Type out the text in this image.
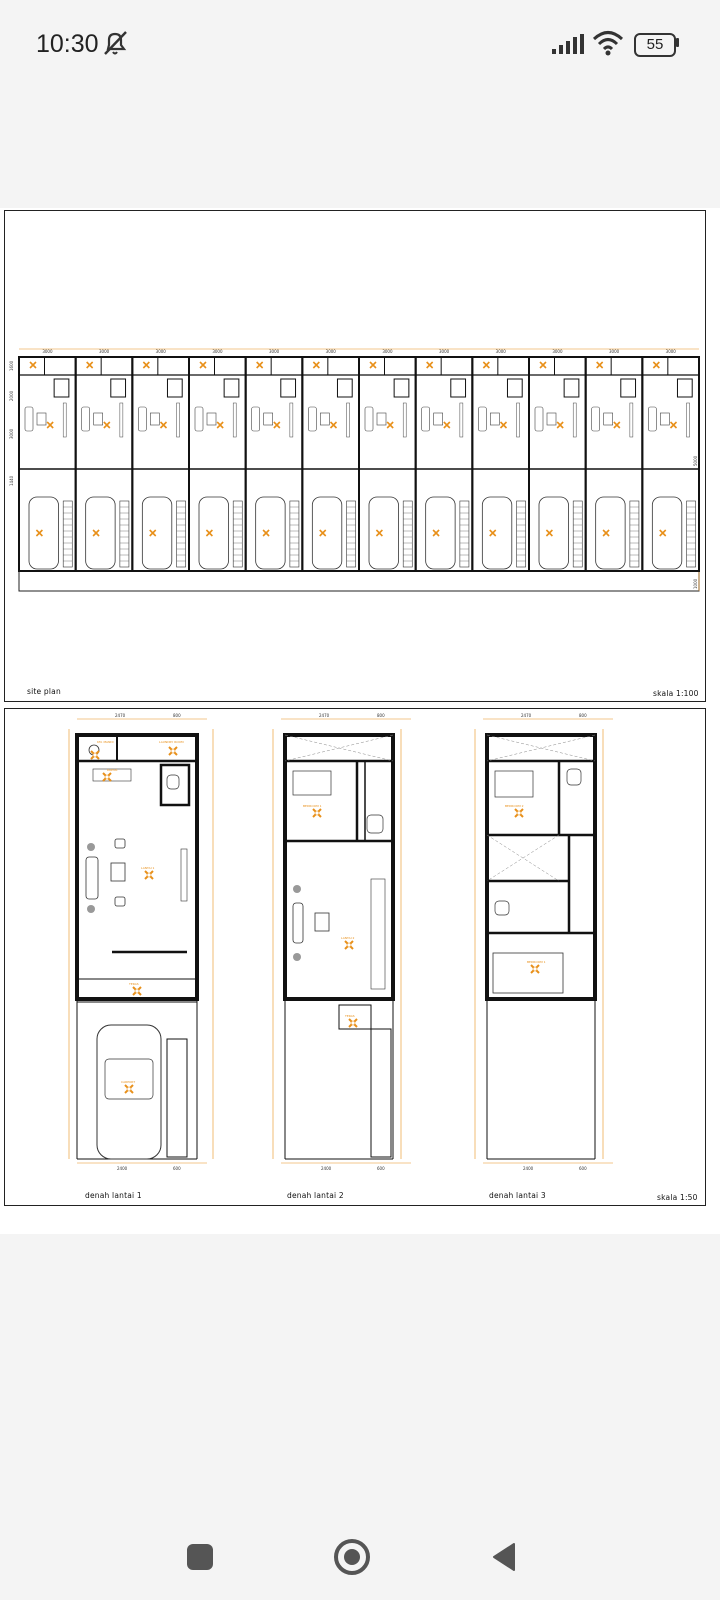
10:30	55
3000	3000	3000	3000	3000	3000	3000	3000	3000	3000	3000	3000
1600
2000
3000
1440
5000
1000
site plan	skala 1:100
2470	800
2400	600
KM. MANDI	LAUNDRY ROOM
DAPUR
LANTAI 1
TERAS
CARPORT
2470	800
2400	600
BEDROOM 1
LANTAI 2
TERAS
2470	800
2400	600
BEDROOM 2
BEDROOM 1
denah lantai 1	denah lantai 2	denah lantai 3	skala 1:50
